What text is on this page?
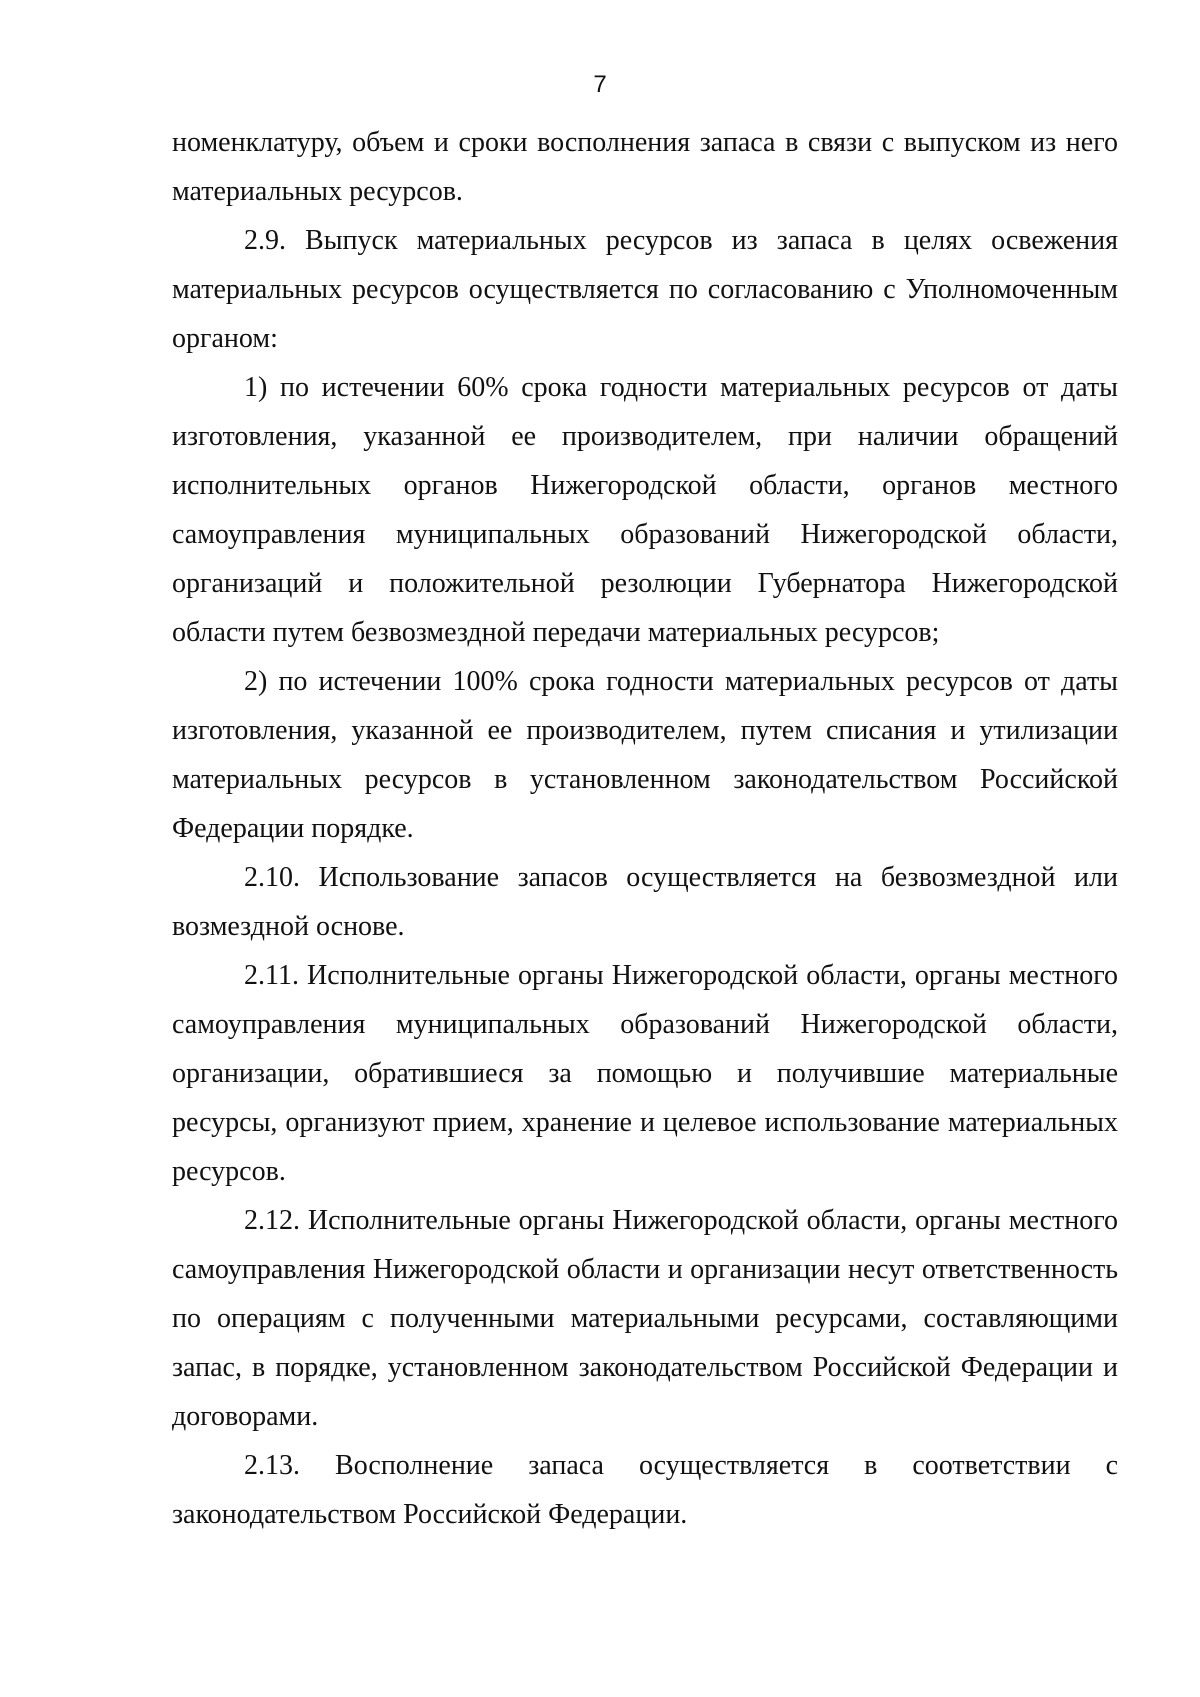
7

номенклатуру, объем и сроки восполнения запаса в связи с выпуском из него материальных ресурсов.

2.9. Выпуск материальных ресурсов из запаса в целях освежения материальных ресурсов осуществляется по согласованию с Уполномоченным органом:

1) по истечении 60% срока годности материальных ресурсов от даты изготовления, указанной ее производителем, при наличии обращений исполнительных органов Нижегородской области, органов местного самоуправления муниципальных образований Нижегородской области, организаций и положительной резолюции Губернатора Нижегородской области путем безвозмездной передачи материальных ресурсов;

2) по истечении 100% срока годности материальных ресурсов от даты изготовления, указанной ее производителем, путем списания и утилизации материальных ресурсов в установленном законодательством Российской Федерации порядке.

2.10. Использование запасов осуществляется на безвозмездной или возмездной основе.

2.11. Исполнительные органы Нижегородской области, органы местного самоуправления муниципальных образований Нижегородской области, организации, обратившиеся за помощью и получившие материальные ресурсы, организуют прием, хранение и целевое использование материальных ресурсов.

2.12. Исполнительные органы Нижегородской области, органы местного самоуправления Нижегородской области и организации несут ответственность по операциям с полученными материальными ресурсами, составляющими запас, в порядке, установленном законодательством Российской Федерации и договорами.

2.13. Восполнение запаса осуществляется в соответствии с законодательством Российской Федерации.
